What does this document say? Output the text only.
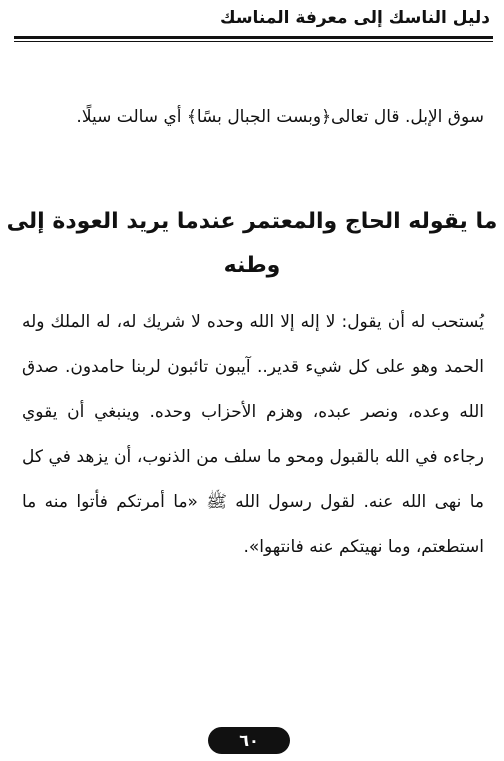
دليل الناسك إلى معرفة المناسك

سوق الإبل. قال تعالى﴿وبست الجبال بسًا﴾ أي سالت سيلًا.

ما يقوله الحاج والمعتمر عندما يريد العودة إلى وطنه

يُستحب له أن يقول: لا إله إلا الله وحده لا شريك له، له الملك وله الحمد وهو على كل شيء قدير.. آيبون تائبون لربنا حامدون. صدق الله وعده، ونصر عبده، وهزم الأحزاب وحده. وينبغي أن يقوي رجاءه في الله بالقبول ومحو ما سلف من الذنوب، أن يزهد في كل ما نهى الله عنه. لقول رسول الله ﷺ «ما أمرتكم فأتوا منه ما استطعتم، وما نهيتكم عنه فانتهوا».

٦٠
